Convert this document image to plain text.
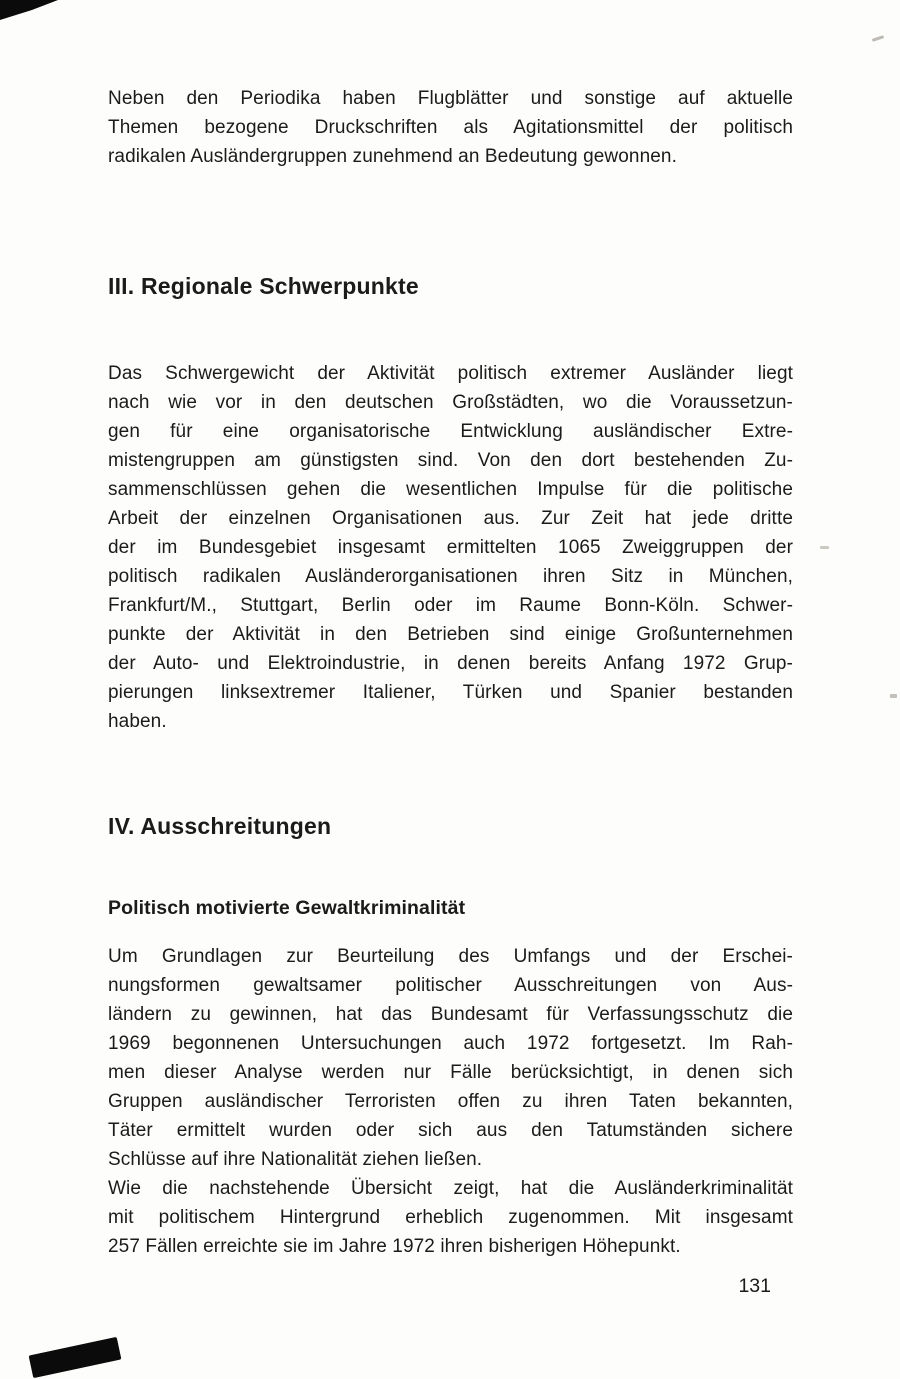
Neben den Periodika haben Flugblätter und sonstige auf aktuelle
Themen bezogene Druckschriften als Agitationsmittel der politisch
radikalen Ausländergruppen zunehmend an Bedeutung gewonnen.

III. Regionale Schwerpunkte

Das Schwergewicht der Aktivität politisch extremer Ausländer liegt
nach wie vor in den deutschen Großstädten, wo die Voraussetzun-
gen für eine organisatorische Entwicklung ausländischer Extre-
mistengruppen am günstigsten sind. Von den dort bestehenden Zu-
sammenschlüssen gehen die wesentlichen Impulse für die politische
Arbeit der einzelnen Organisationen aus. Zur Zeit hat jede dritte
der im Bundesgebiet insgesamt ermittelten 1065 Zweiggruppen der
politisch radikalen Ausländerorganisationen ihren Sitz in München,
Frankfurt/M., Stuttgart, Berlin oder im Raume Bonn-Köln. Schwer-
punkte der Aktivität in den Betrieben sind einige Großunternehmen
der Auto- und Elektroindustrie, in denen bereits Anfang 1972 Grup-
pierungen linksextremer Italiener, Türken und Spanier bestanden
haben.

IV. Ausschreitungen
Politisch motivierte Gewaltkriminalität

Um Grundlagen zur Beurteilung des Umfangs und der Erschei-
nungsformen gewaltsamer politischer Ausschreitungen von Aus-
ländern zu gewinnen, hat das Bundesamt für Verfassungsschutz die
1969 begonnenen Untersuchungen auch 1972 fortgesetzt. Im Rah-
men dieser Analyse werden nur Fälle berücksichtigt, in denen sich
Gruppen ausländischer Terroristen offen zu ihren Taten bekannten,
Täter ermittelt wurden oder sich aus den Tatumständen sichere
Schlüsse auf ihre Nationalität ziehen ließen.

Wie die nachstehende Übersicht zeigt, hat die Ausländerkriminalität
mit politischem Hintergrund erheblich zugenommen. Mit insgesamt
257 Fällen erreichte sie im Jahre 1972 ihren bisherigen Höhepunkt.

131
